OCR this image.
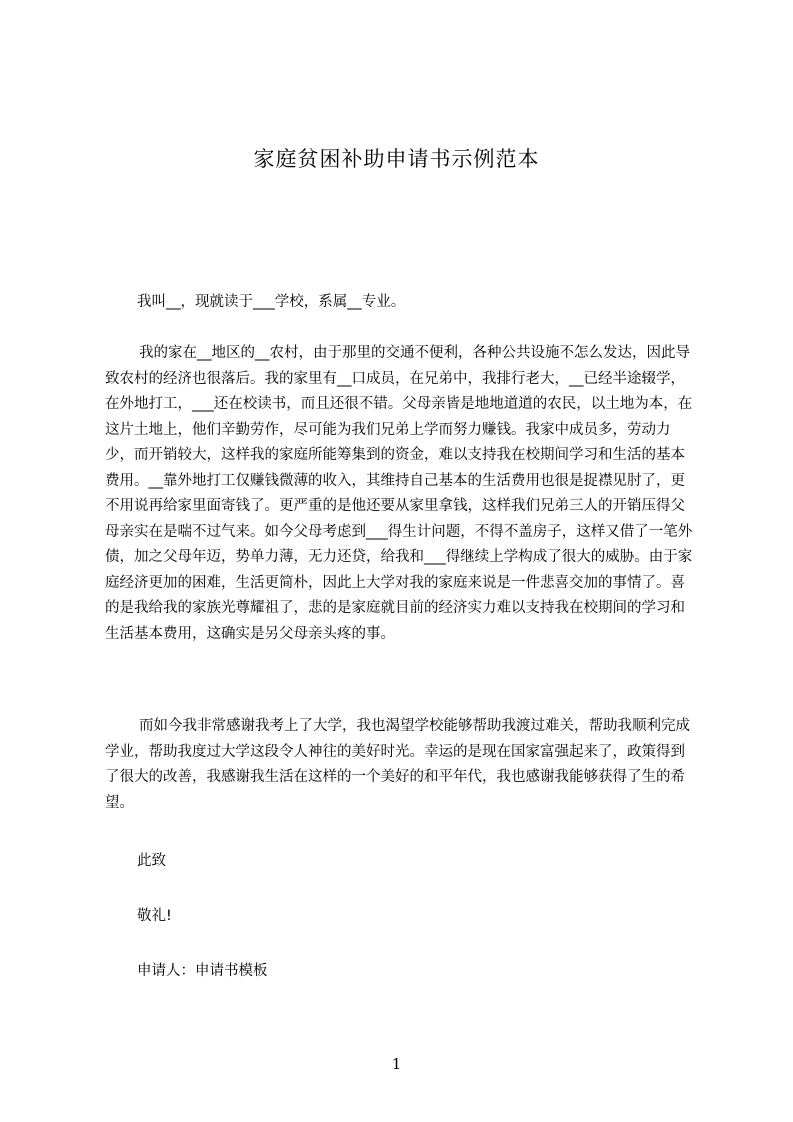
家庭贫困补助申请书示例范本
我叫__，现就读于___学校，系属__专业。
我的家在__地区的__农村，由于那里的交通不便利，各种公共设施不怎么发达，因此导致农村的经济也很落后。我的家里有__口成员，在兄弟中，我排行老大，__已经半途辍学，在外地打工，___还在校读书，而且还很不错。父母亲皆是地地道道的农民，以土地为本，在这片土地上，他们辛勤劳作，尽可能为我们兄弟上学而努力赚钱。我家中成员多，劳动力少，而开销较大，这样我的家庭所能筹集到的资金，难以支持我在校期间学习和生活的基本费用。__靠外地打工仅赚钱微薄的收入，其维持自己基本的生活费用也很是捉襟见肘了，更不用说再给家里面寄钱了。更严重的是他还要从家里拿钱，这样我们兄弟三人的开销压得父母亲实在是喘不过气来。如今父母考虑到___得生计问题，不得不盖房子，这样又借了一笔外债，加之父母年迈，势单力薄，无力还贷，给我和___得继续上学构成了很大的威胁。由于家庭经济更加的困难，生活更简朴，因此上大学对我的家庭来说是一件悲喜交加的事情了。喜的是我给我的家族光尊耀祖了，悲的是家庭就目前的经济实力难以支持我在校期间的学习和生活基本费用，这确实是另父母亲头疼的事。
而如今我非常感谢我考上了大学，我也渴望学校能够帮助我渡过难关，帮助我顺利完成学业，帮助我度过大学这段令人神往的美好时光。幸运的是现在国家富强起来了，政策得到了很大的改善，我感谢我生活在这样的一个美好的和平年代，我也感谢我能够获得了生的希望。
此致
敬礼!
申请人：申请书模板
1
